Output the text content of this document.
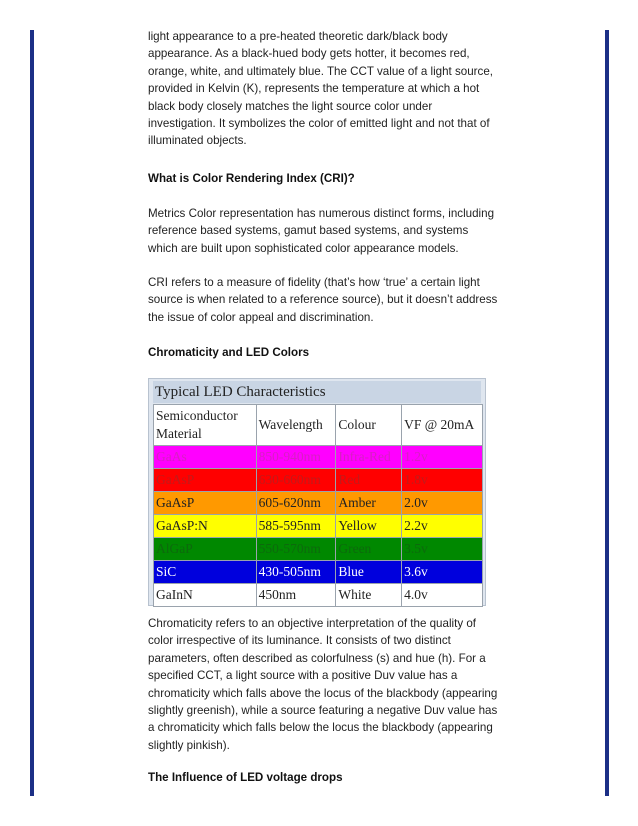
light appearance to a pre-heated theoretic dark/black body appearance. As a black-hued body gets hotter, it becomes red, orange, white, and ultimately blue. The CCT value of a light source, provided in Kelvin (K), represents the temperature at which a hot black body closely matches the light source color under investigation. It symbolizes the color of emitted light and not that of illuminated objects.

What is Color Rendering Index (CRI)?

Metrics Color representation has numerous distinct forms, including reference based systems, gamut based systems, and systems which are built upon sophisticated color appearance models.

CRI refers to a measure of fidelity (that’s how ‘true’ a certain light source is when related to a reference source), but it doesn’t address the issue of color appeal and discrimination.

Chromaticity and LED Colors

Chromaticity refers to an objective interpretation of the quality of color irrespective of its luminance. It consists of two distinct parameters, often described as colorfulness (s) and hue (h). For a specified CCT, a light source with a positive Duv value has a chromaticity which falls above the locus of the blackbody (appearing slightly greenish), while a source featuring a negative Duv value has a chromaticity which falls below the locus the blackbody (appearing slightly pinkish).

The Influence of LED voltage drops
Typical LED Characteristics
Semiconductor Material	Wavelength	Colour	VF @ 20mA
GaAs	850-940nm	Infra-Red	1.2v
GaAsP	630-660nm	Red	1.8v
GaAsP	605-620nm	Amber	2.0v
GaAsP:N	585-595nm	Yellow	2.2v
AlGaP	550-570nm	Green	3.5v
SiC	430-505nm	Blue	3.6v
GaInN	450nm	White	4.0v
